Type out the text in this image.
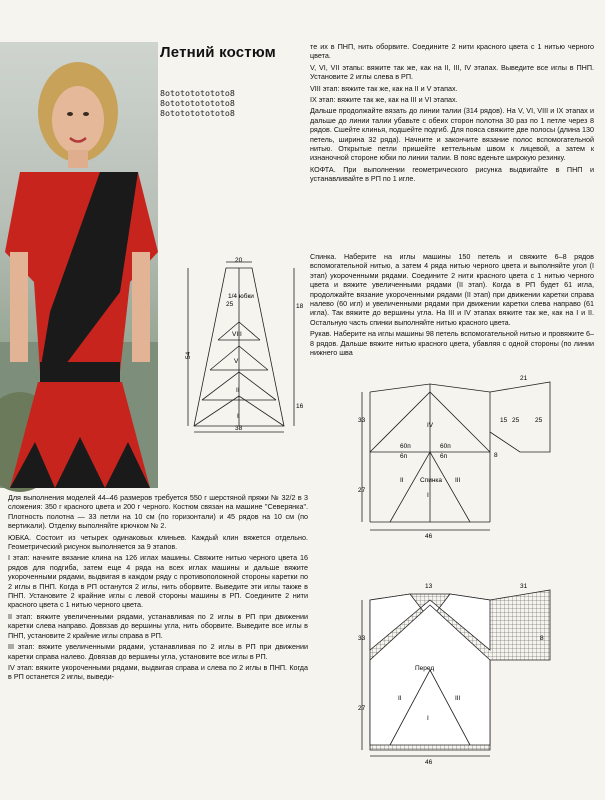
Летний костюм
8ototototototo8
8ototototototo8
8ototototototo8

те их в ПНП, нить оборвите. Соедините 2 нити красного цвета с 1 нитью черного цвета.

V, VI, VII этапы: вяжите так же, как на II, III, IV этапах. Выведите все иглы в ПНП. Установите 2 иглы слева в РП.

VIII этап: вяжите так же, как на II и V этапах.

IX этап: вяжите так же, как на III и VI этапах.

Дальше продолжайте вязать до линии талии (314 рядов). На V, VI, VIII и IX этапах и дальше до линии талии убавьте с обеих сторон полотна 30 раз по 1 петле через 8 рядов. Сшейте клинья, подшейте подгиб. Для пояса свяжите две полосы (длина 130 петель, ширина 32 ряда). Начните и закончите вязание полос вспомогательной нитью. Открытые петли пришейте кеттельным швом к лицевой, а затем к изнаночной стороне юбки по линии талии. В пояс вденьте широкую резинку.

КОФТА. При выполнении геометрического рисунка выдвигайте в ПНП и устанавливайте в РП по 1 игле.

Спинка. Наберите на иглы машины 150 петель и свяжите 6–8 рядов вспомогательной нитью, а затем 4 ряда нитью черного цвета и выполняйте угол (I этап) укороченными рядами. Соедините 2 нити красного цвета с 1 нитью черного цвета и вяжите увеличенными рядами (II этап). Когда в РП будет 61 игла, продолжайте вязание укороченными рядами (II этап) при движении каретки справа налево (60 игл) и увеличенными рядами при движении каретки слева направо (61 игла). Так вяжите до вершины угла. На III и IV этапах вяжите так же, как на I и II. Остальную часть спинки выполняйте нитью красного цвета.

Рукав. Наберите на иглы машины 98 петель вспомогательной нитью и провяжите 6–8 рядов. Дальше вяжите нитью красного цвета, убавляя с одной стороны (по линии нижнего шва

20
25	18
54
38
16
1/4 юбки
VIII
V
II
I
21
33
27
15 25 25
8
46
60п	60п
6п	6п
Спинка
I
II	III
IV
13	31
8
33
27
46
Перед
I
II	III

Для выполнения моделей 44–46 размеров требуется 550 г шерстяной пряжи № 32/2 в 3 сложения: 350 г красного цвета и 200 г черного. Костюм связан на машине "Северянка". Плотность полотна — 33 петли на 10 см (по горизонтали) и 45 рядов на 10 см (по вертикали). Отделку выполняйте крючком № 2.

ЮБКА. Состоит из четырех одинаковых клиньев. Каждый клин вяжется отдельно. Геометрический рисунок выполняется за 9 этапов.

I этап: начните вязание клина на 126 иглах машины. Свяжите нитью черного цвета 16 рядов для подгиба, затем еще 4 ряда на всех иглах машины и дальше вяжите укороченными рядами, выдвигая в каждом ряду с противоположной стороны каретки по 2 иглы в ПНП. Когда в РП останутся 2 иглы, нить оборвите. Выведите эти иглы также в ПНП. Установите 2 крайние иглы с левой стороны машины в РП. Соедините 2 нити красного цвета с 1 нитью черного цвета.

II этап: вяжите увеличенными рядами, устанавливая по 2 иглы в РП при движении каретки слева направо. Довязав до вершины угла, нить оборвите. Выведите все иглы в ПНП, установите 2 крайние иглы справа в РП.

III этап: вяжите увеличенными рядами, устанавливая по 2 иглы в РП при движении каретки справа налево. Довязав до вершины угла, установите все иглы в РП.

IV этап: вяжите укороченными рядами, выдвигая справа и слева по 2 иглы в ПНП. Когда в РП останется 2 иглы, выведи-
